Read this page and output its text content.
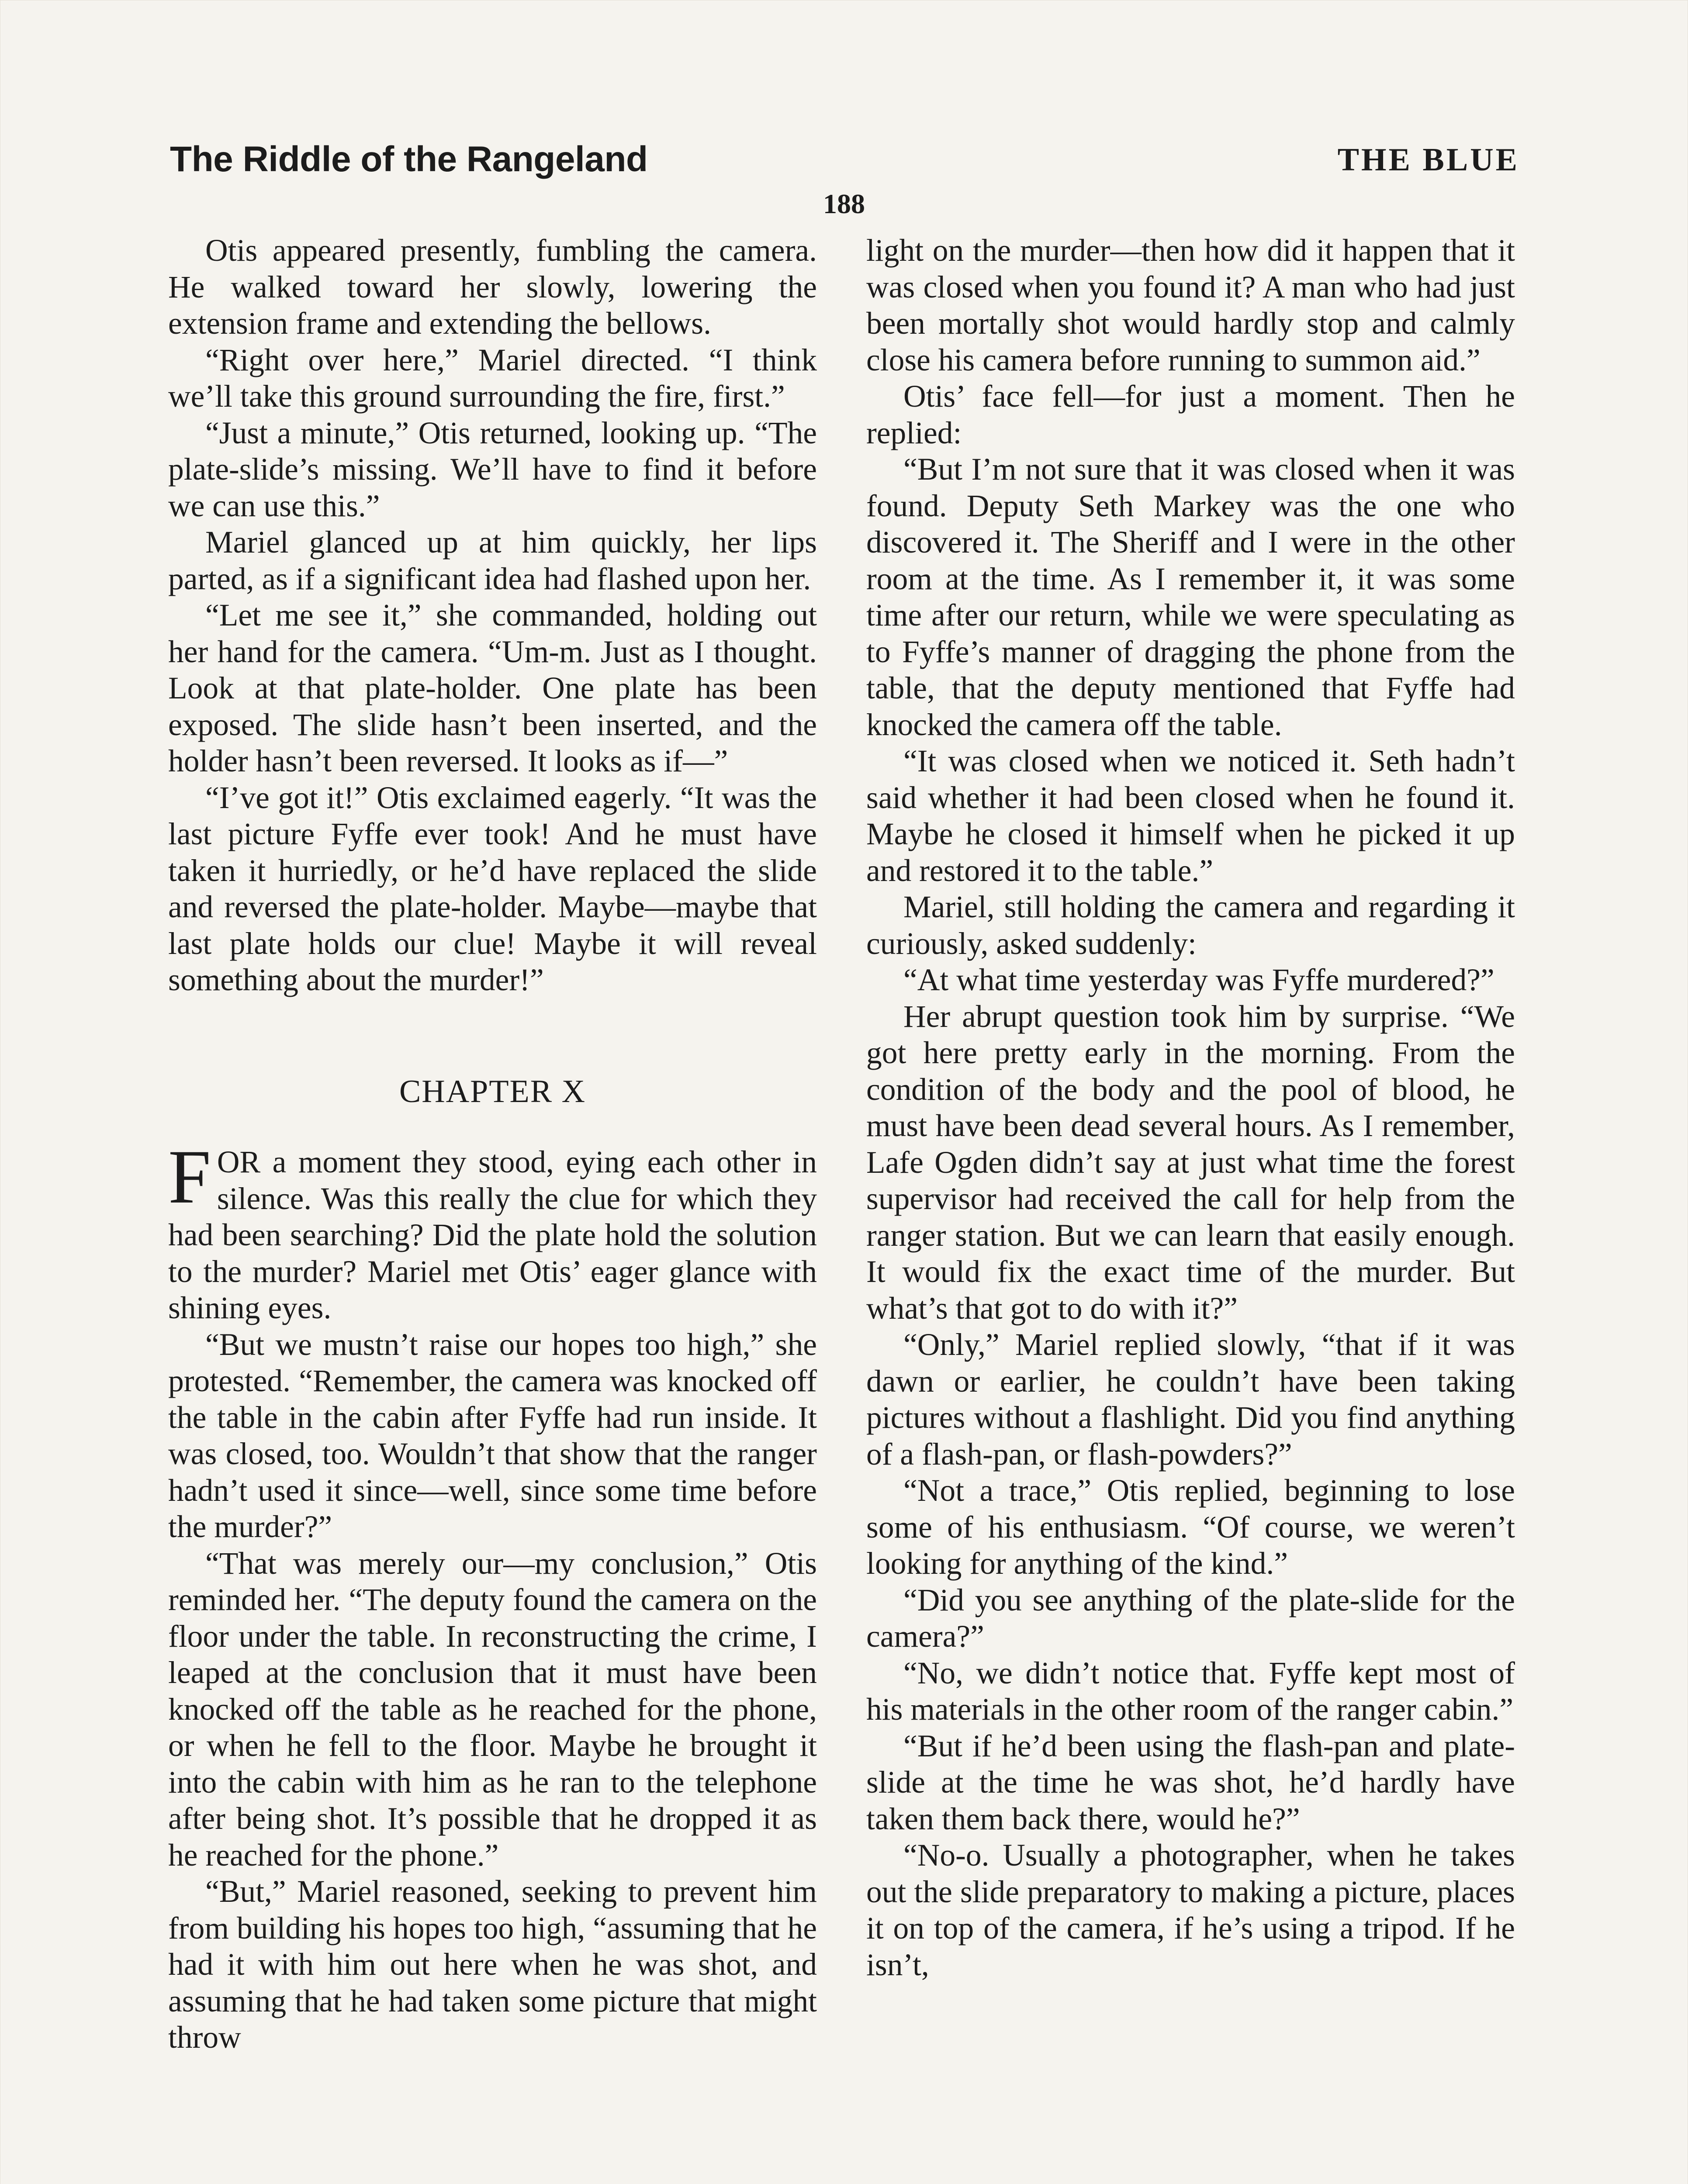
The Riddle of the Rangeland	THE BLUE
188

Otis appeared presently, fumbling the camera. He walked toward her slowly, lowering the extension frame and extending the bellows.

“Right over here,” Mariel directed. “I think we’ll take this ground surrounding the fire, first.”

“Just a minute,” Otis returned, looking up. “The plate-slide’s missing. We’ll have to find it before we can use this.”

Mariel glanced up at him quickly, her lips parted, as if a significant idea had flashed upon her.

“Let me see it,” she commanded, holding out her hand for the camera. “Um-m. Just as I thought. Look at that plate-holder. One plate has been exposed. The slide hasn’t been inserted, and the holder hasn’t been reversed. It looks as if—”

“I’ve got it!” Otis exclaimed eagerly. “It was the last picture Fyffe ever took! And he must have taken it hurriedly, or he’d have replaced the slide and reversed the plate-holder. Maybe—maybe that last plate holds our clue! Maybe it will reveal something about the murder!”

CHAPTER X

FOR a moment they stood, eying each other in silence. Was this really the clue for which they had been searching? Did the plate hold the solution to the murder? Mariel met Otis’ eager glance with shining eyes.

“But we mustn’t raise our hopes too high,” she protested. “Remember, the camera was knocked off the table in the cabin after Fyffe had run inside. It was closed, too. Wouldn’t that show that the ranger hadn’t used it since—well, since some time before the murder?”

“That was merely our—my conclusion,” Otis reminded her. “The deputy found the camera on the floor under the table. In reconstructing the crime, I leaped at the conclusion that it must have been knocked off the table as he reached for the phone, or when he fell to the floor. Maybe he brought it into the cabin with him as he ran to the telephone after being shot. It’s possible that he dropped it as he reached for the phone.”

“But,” Mariel reasoned, seeking to prevent him from building his hopes too high, “assuming that he had it with him out here when he was shot, and assuming that he had taken some picture that might throw

light on the murder—then how did it happen that it was closed when you found it? A man who had just been mortally shot would hardly stop and calmly close his camera before running to summon aid.”

Otis’ face fell—for just a moment. Then he replied:

“But I’m not sure that it was closed when it was found. Deputy Seth Markey was the one who discovered it. The Sheriff and I were in the other room at the time. As I remember it, it was some time after our return, while we were speculating as to Fyffe’s manner of dragging the phone from the table, that the deputy mentioned that Fyffe had knocked the camera off the table.

“It was closed when we noticed it. Seth hadn’t said whether it had been closed when he found it. Maybe he closed it himself when he picked it up and restored it to the table.”

Mariel, still holding the camera and regarding it curiously, asked suddenly:

“At what time yesterday was Fyffe murdered?”

Her abrupt question took him by surprise. “We got here pretty early in the morning. From the condition of the body and the pool of blood, he must have been dead several hours. As I remember, Lafe Ogden didn’t say at just what time the forest supervisor had received the call for help from the ranger station. But we can learn that easily enough. It would fix the exact time of the murder. But what’s that got to do with it?”

“Only,” Mariel replied slowly, “that if it was dawn or earlier, he couldn’t have been taking pictures without a flashlight. Did you find anything of a flash-pan, or flash-powders?”

“Not a trace,” Otis replied, beginning to lose some of his enthusiasm. “Of course, we weren’t looking for anything of the kind.”

“Did you see anything of the plate-slide for the camera?”

“No, we didn’t notice that. Fyffe kept most of his materials in the other room of the ranger cabin.”

“But if he’d been using the flash-pan and plate-slide at the time he was shot, he’d hardly have taken them back there, would he?”

“No-o. Usually a photographer, when he takes out the slide preparatory to making a picture, places it on top of the camera, if he’s using a tripod. If he isn’t,
